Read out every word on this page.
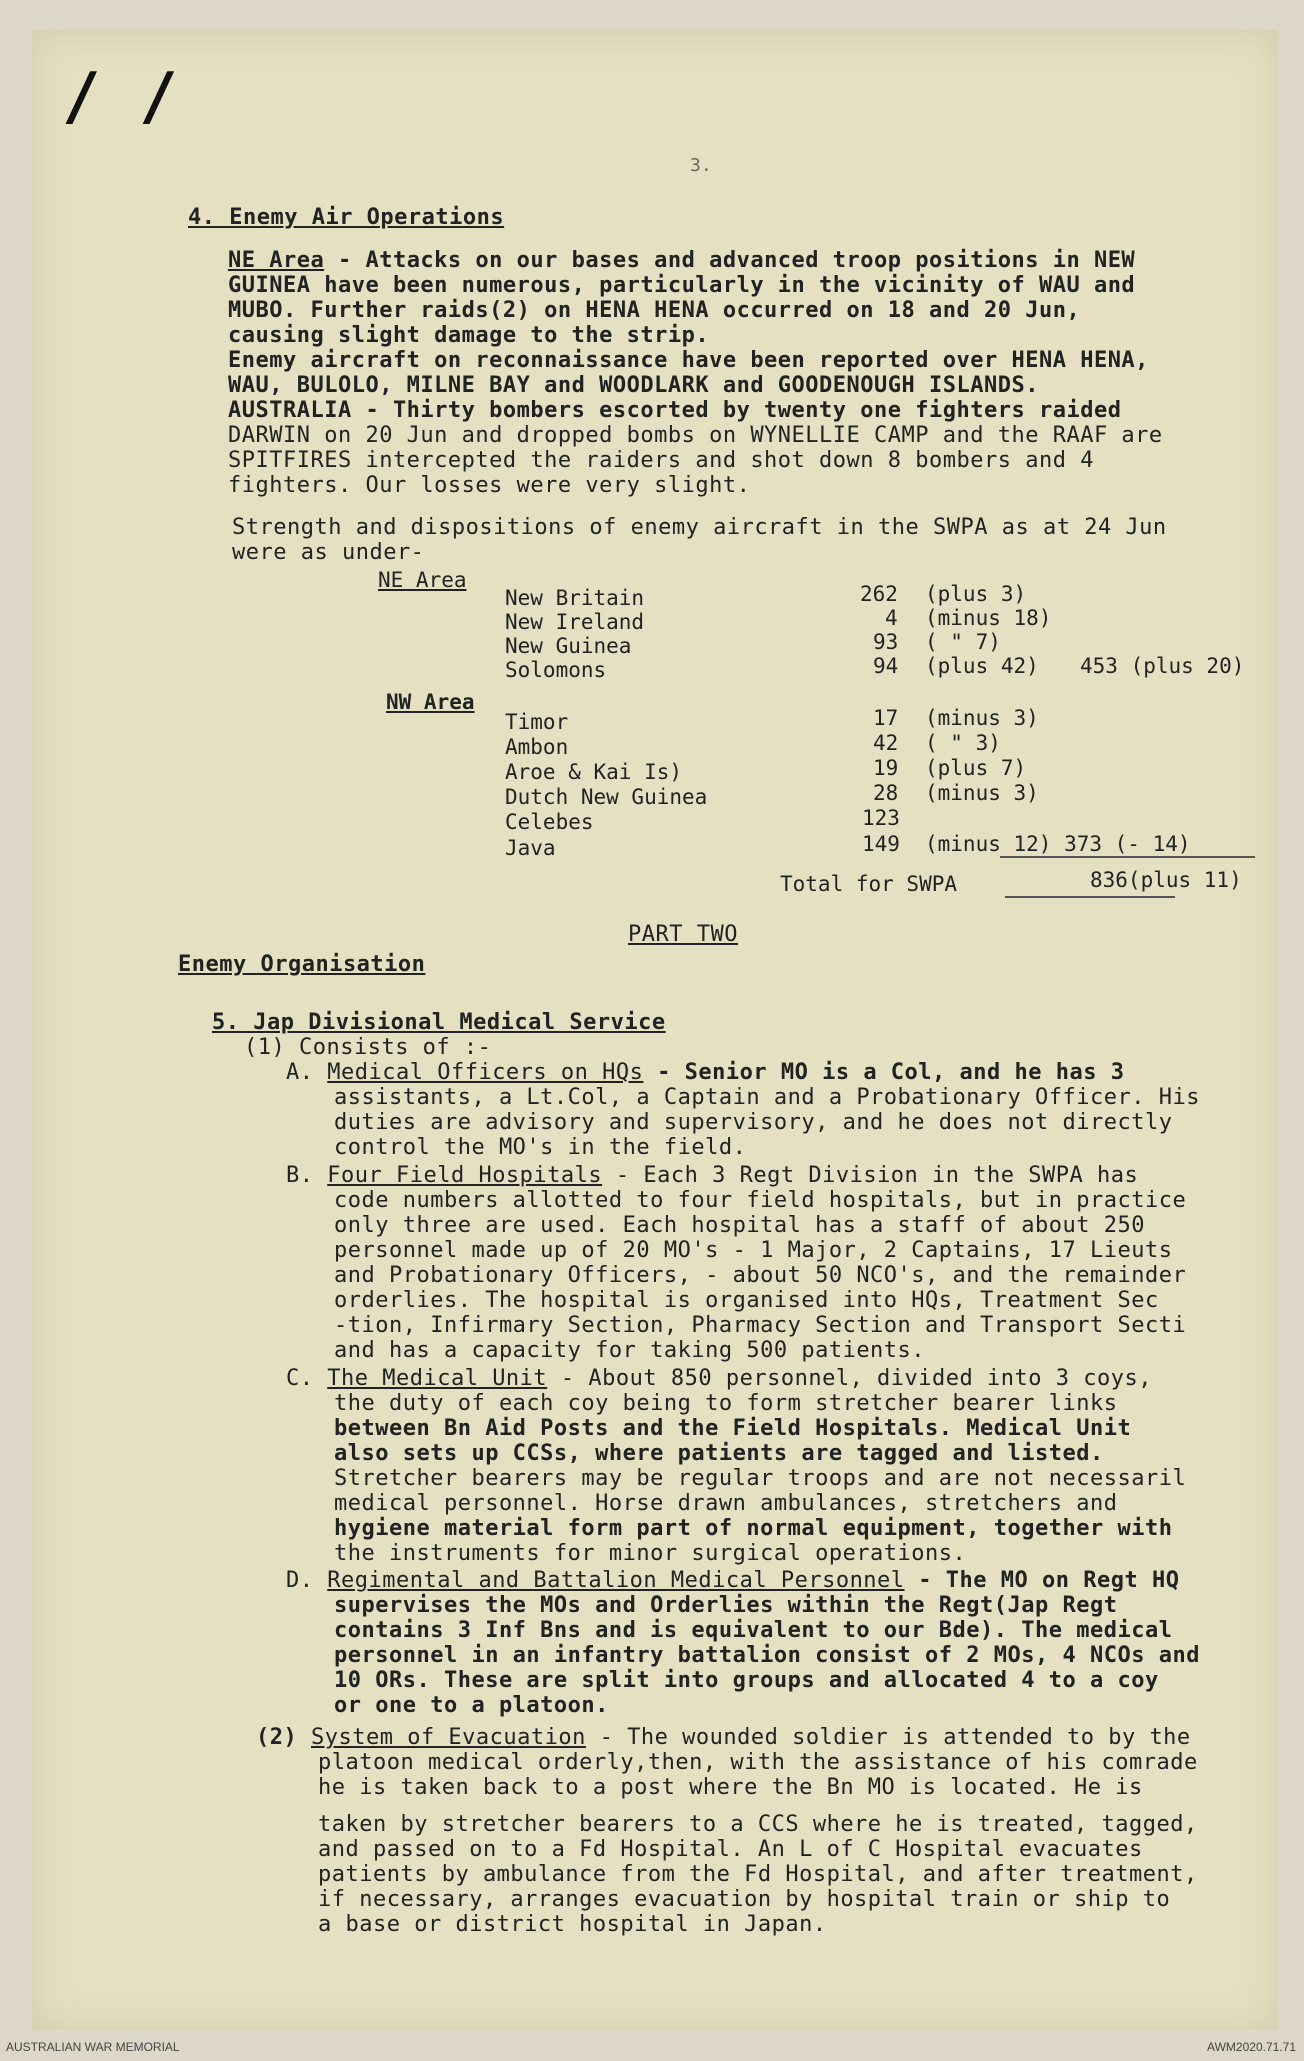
/ /
3.
4. Enemy Air Operations
NE Area - Attacks on our bases and advanced troop positions in NEW
GUINEA have been numerous, particularly in the vicinity of WAU and
MUBO. Further raids(2) on HENA HENA occurred on 18 and 20 Jun,
causing slight damage to the strip.
Enemy aircraft on reconnaissance have been reported over HENA HENA,
WAU, BULOLO, MILNE BAY and WOODLARK and GOODENOUGH ISLANDS.
AUSTRALIA - Thirty bombers escorted by twenty one fighters raided
DARWIN on 20 Jun and dropped bombs on WYNELLIE CAMP and the RAAF are
SPITFIRES intercepted the raiders and shot down 8 bombers and 4
fighters. Our losses were very slight.
Strength and dispositions of enemy aircraft in the SWPA as at 24 Jun
were as under-
NE Area
New Britain	262 (plus 3)
New Ireland	4 (minus 18)
New Guinea	93 ( " 7)
Solomons	94 (plus 42) 453 (plus 20)
NW Area
Timor	17 (minus 3)
Ambon	42 ( " 3)
Aroe & Kai Is)	19 (plus 7)
Dutch New Guinea	28 (minus 3)
Celebes	123
Java	149 (minus 12) 373 (- 14)
Total for SWPA	836(plus 11)
PART TWO
Enemy Organisation
5. Jap Divisional Medical Service
(1) Consists of :-
A. Medical Officers on HQs - Senior MO is a Col, and he has 3
assistants, a Lt.Col, a Captain and a Probationary Officer. His
duties are advisory and supervisory, and he does not directly
control the MO's in the field.
B. Four Field Hospitals - Each 3 Regt Division in the SWPA has
code numbers allotted to four field hospitals, but in practice
only three are used. Each hospital has a staff of about 250
personnel made up of 20 MO's - 1 Major, 2 Captains, 17 Lieuts
and Probationary Officers, - about 50 NCO's, and the remainder
orderlies. The hospital is organised into HQs, Treatment Sec
-tion, Infirmary Section, Pharmacy Section and Transport Secti
and has a capacity for taking 500 patients.
C. The Medical Unit - About 850 personnel, divided into 3 coys,
the duty of each coy being to form stretcher bearer links
between Bn Aid Posts and the Field Hospitals. Medical Unit
also sets up CCSs, where patients are tagged and listed.
Stretcher bearers may be regular troops and are not necessaril
medical personnel. Horse drawn ambulances, stretchers and
hygiene material form part of normal equipment, together with
the instruments for minor surgical operations.
D. Regimental and Battalion Medical Personnel - The MO on Regt HQ
supervises the MOs and Orderlies within the Regt(Jap Regt
contains 3 Inf Bns and is equivalent to our Bde). The medical
personnel in an infantry battalion consist of 2 MOs, 4 NCOs and
10 ORs. These are split into groups and allocated 4 to a coy
or one to a platoon.
(2) System of Evacuation - The wounded soldier is attended to by the
platoon medical orderly,then, with the assistance of his comrade
he is taken back to a post where the Bn MO is located. He is
taken by stretcher bearers to a CCS where he is treated, tagged,
and passed on to a Fd Hospital. An L of C Hospital evacuates
patients by ambulance from the Fd Hospital, and after treatment,
if necessary, arranges evacuation by hospital train or ship to
a base or district hospital in Japan.
AUSTRALIAN WAR MEMORIAL	AWM2020.71.71
